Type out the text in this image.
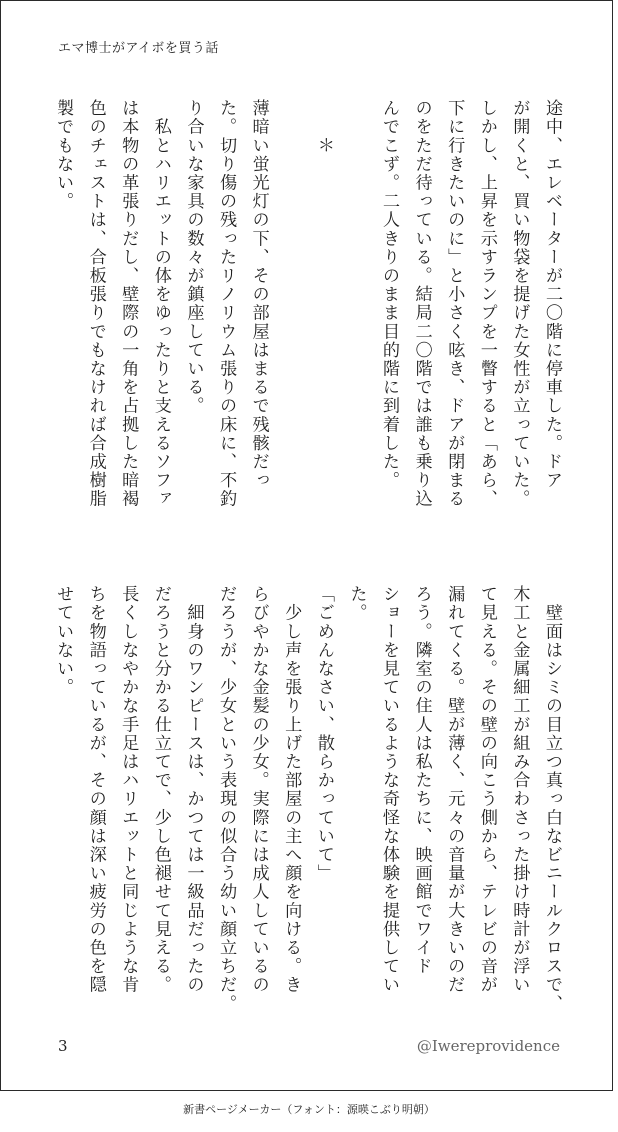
エマ博士がアイボを買う話
途中、エレベーターが二〇階に停車した。ドア
が開くと、買い物袋を提げた女性が立っていた。
しかし、上昇を示すランプを一瞥すると「あら、
下に行きたいのに」と小さく呟き、ドアが閉まる
のをただ待っている。結局二〇階では誰も乗り込
んでこず。二人きりのまま目的階に到着した。
　　＊
薄暗い蛍光灯の下、その部屋はまるで残骸だっ
た。切り傷の残ったリノリウム張りの床に、不釣
り合いな家具の数々が鎮座している。
　私とハリエットの体をゆったりと支えるソファ
は本物の革張りだし、壁際の一角を占拠した暗褐
色のチェストは、合板張りでもなければ合成樹脂
製でもない。
　壁面はシミの目立つ真っ白なビニールクロスで、
木工と金属細工が組み合わさった掛け時計が浮い
て見える。その壁の向こう側から、テレビの音が
漏れてくる。壁が薄く、元々の音量が大きいのだ
ろう。隣室の住人は私たちに、映画館でワイド
ショーを見ているような奇怪な体験を提供してい
た。
「ごめんなさい、散らかっていて」
　少し声を張り上げた部屋の主へ顔を向ける。き
らびやかな金髪の少女。実際には成人しているの
だろうが、少女という表現の似合う幼い顔立ちだ。
　細身のワンピースは、かつては一級品だったの
だろうと分かる仕立てで、少し色褪せて見える。
長くしなやかな手足はハリエットと同じような肯
ちを物語っているが、その顔は深い疲労の色を隠
せていない。
3	@Iwereprovidence
新書ページメーカー（フォント：源暎こぶり明朝）
